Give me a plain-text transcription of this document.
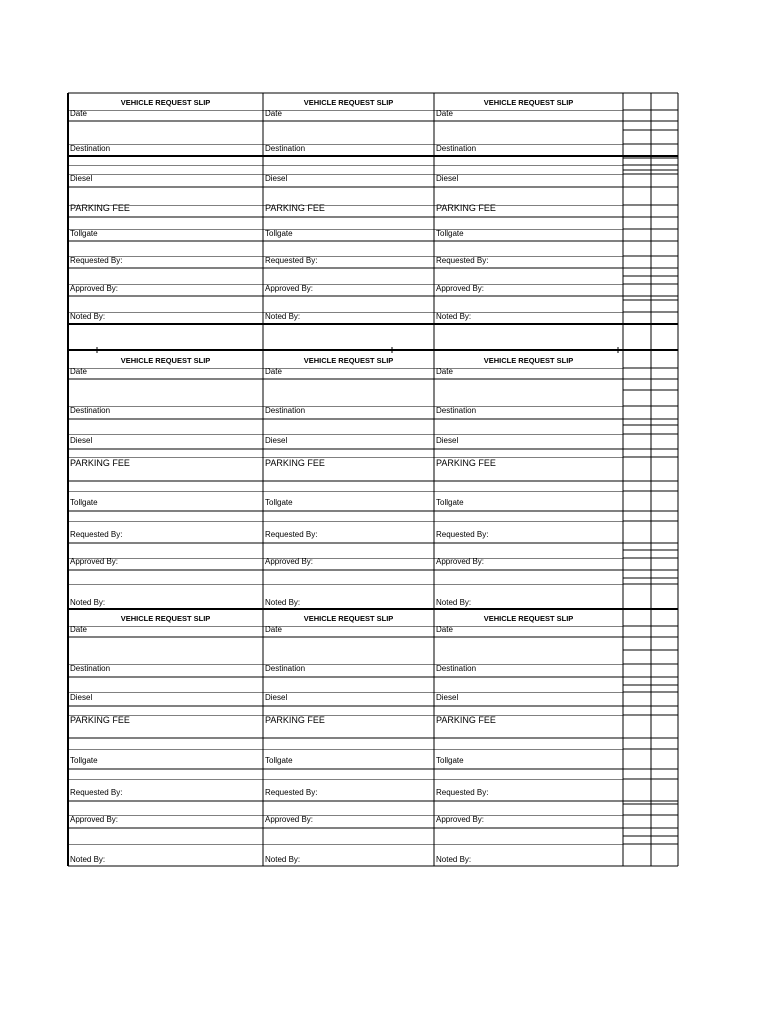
VEHICLE REQUEST SLIP	VEHICLE REQUEST SLIP	VEHICLE REQUEST SLIP
Date	Date	Date
Destination	Destination	Destination
Diesel	Diesel	Diesel
PARKING FEE	PARKING FEE	PARKING FEE
Tollgate	Tollgate	Tollgate
Requested By:	Requested By:	Requested By:
Approved By:	Approved By:	Approved By:
Noted By:	Noted By:	Noted By:
VEHICLE REQUEST SLIP	VEHICLE REQUEST SLIP	VEHICLE REQUEST SLIP
Date	Date	Date
Destination	Destination	Destination
Diesel	Diesel	Diesel
PARKING FEE	PARKING FEE	PARKING FEE
Tollgate	Tollgate	Tollgate
Requested By:	Requested By:	Requested By:
Approved By:	Approved By:	Approved By:
Noted By:	Noted By:	Noted By:
VEHICLE REQUEST SLIP	VEHICLE REQUEST SLIP	VEHICLE REQUEST SLIP
Date	Date	Date
Destination	Destination	Destination
Diesel	Diesel	Diesel
PARKING FEE	PARKING FEE	PARKING FEE
Tollgate	Tollgate	Tollgate
Requested By:	Requested By:	Requested By:
Approved By:	Approved By:	Approved By:
Noted By:	Noted By:	Noted By:
